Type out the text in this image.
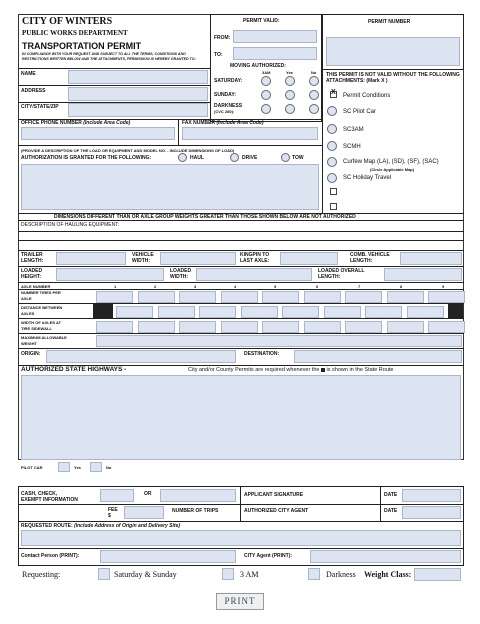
CITY OF WINTERS
PUBLIC WORKS DEPARTMENT
TRANSPORTATION PERMIT
IN COMPLIANCE WITH YOUR REQUEST AND SUBJECT TO ALL THE TERMS, CONDITIONS AND RESTRICTIONS WRITTEN BELOW AND THE ATTACHMENTS, PERMISSION IS HEREBY GRANTED TO:
PERMIT VALID:
FROM:
TO:
MOVING AUTHORIZED:
3AM	Yes	No
SATURDAY:
SUNDAY:
DARKNESS
(CVC 280):
PERMIT NUMBER
NAME
ADDRESS
CITY/STATE/ZIP
OFFICE PHONE NUMBER (Include Area Code)	FAX NUMBER (Include Area Code)
(PROVIDE A DESCRIPTION OF THE LOAD OR EQUIPMENT AND MODEL NO. - INCLUDE DIMENSIONS OF LOAD)
AUTHORIZATION IS GRANTED FOR THE FOLLOWING:	HAUL	DRIVE	TOW
THIS PERMIT IS NOT VALID WITHOUT THE FOLLOWING ATTACHMENTS: (Mark X )
X Permit Conditions
SC Pilot Car
SC3AM
SCMH
Curfew Map (LA), (SD), (SF), (SAC)
(Circle Applicable Map)
SC Holiday Travel
DIMENSIONS DIFFERENT THAN OR AXLE GROUP WEIGHTS GREATER THAN THOSE SHOWN BELOW ARE NOT AUTHORIZED
DESCRIPTION OF HAULING EQUIPMENT:
TRAILER
LENGTH:
VEHICLE
WIDTH:
KINGPIN TO
LAST AXLE:
COMB. VEHICLE
LENGTH:
LOADED
HEIGHT:
LOADED
WIDTH:
LOADED OVERALL
LENGTH:
AXLE NUMBER	1	2	3	4	5	6	7	8	9
NUMBER TIRES PER
AXLE
DISTANCE BETWEEN
AXLES
WIDTH OF AXLES AT
TIRE SIDEWALL
MAXIMUM ALLOWABLE
WEIGHT
ORIGIN:	DESTINATION:
AUTHORIZED STATE HIGHWAYS -	City and/or County Permits are required whenever the is shown in the State Route
PILOT CAR	Yes	No
CASH, CHECK,
EXEMPT INFORMATION
OR	APPLICANT SIGNATURE	DATE
FEE
$
NUMBER OF TRIPS	AUTHORIZED CITY AGENT	DATE
REQUESTED ROUTE: (Include Address of Origin and Delivery Site)
Contact Person (PRINT):	CITY Agent (PRINT):
Requesting:	Saturday & Sunday	3 AM	Darkness Weight Class:
PRINT
